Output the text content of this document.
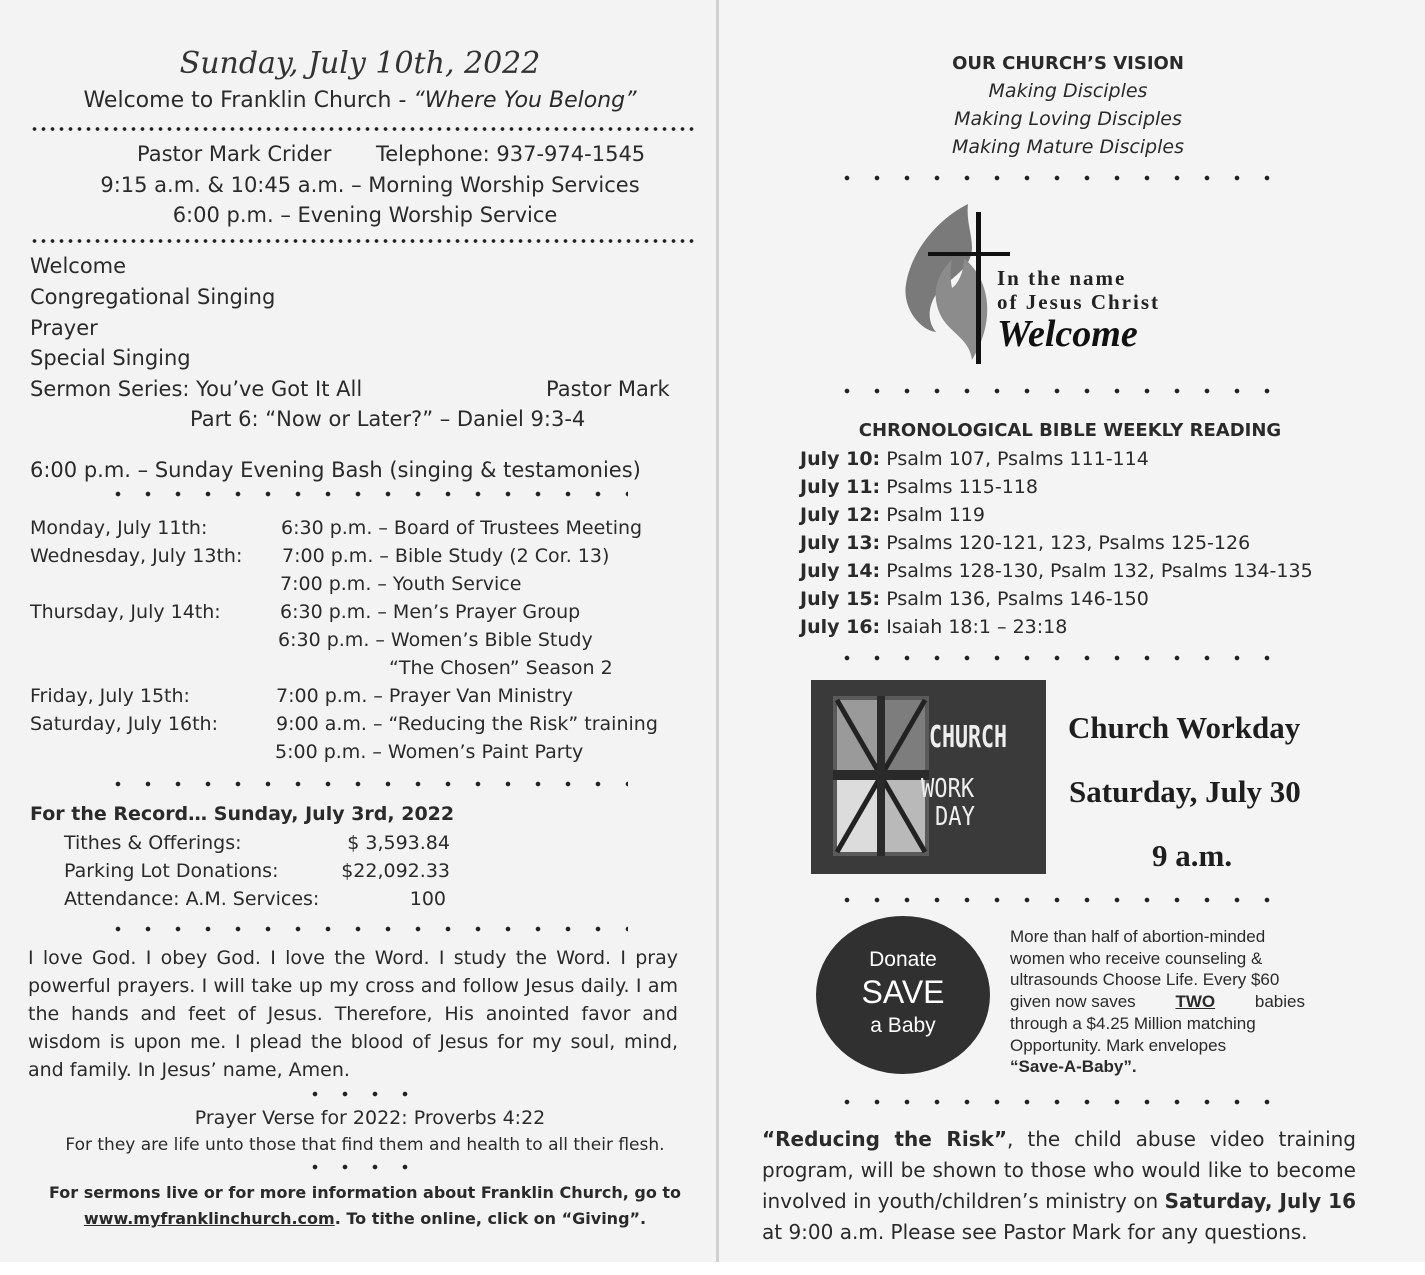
Sunday, July 10th, 2022
Welcome to Franklin Church - “Where You Belong”
Pastor Mark Crider Telephone: 937-974-1545
9:15 a.m. & 10:45 a.m. – Morning Worship Services
6:00 p.m. – Evening Worship Service
Welcome
Congregational Singing
Prayer
Special Singing
Sermon Series: You’ve Got It All	Pastor Mark
Part 6: “Now or Later?” – Daniel 9:3-4
6:00 p.m. – Sunday Evening Bash (singing & testamonies)
Monday, July 11th:	6:30 p.m. – Board of Trustees Meeting
Wednesday, July 13th: 7:00 p.m. – Bible Study (2 Cor. 13)
7:00 p.m. – Youth Service
Thursday, July 14th:	6:30 p.m. – Men’s Prayer Group
6:30 p.m. – Women’s Bible Study
“The Chosen” Season 2
Friday, July 15th:	7:00 p.m. – Prayer Van Ministry
Saturday, July 16th:	9:00 a.m. – “Reducing the Risk” training
5:00 p.m. – Women’s Paint Party
For the Record… Sunday, July 3rd, 2022
Tithes & Offerings:	$ 3,593.84
Parking Lot Donations:	$22,092.33
Attendance: A.M. Services:	100
I love God. I obey God. I love the Word. I study the Word. I pray powerful prayers. I will take up my cross and follow Jesus daily. I am the hands and feet of Jesus. Therefore, His anointed favor and wisdom is upon me. I plead the blood of Jesus for my soul, mind, and family. In Jesus’ name, Amen.
Prayer Verse for 2022: Proverbs 4:22
For they are life unto those that find them and health to all their flesh.
For sermons live or for more information about Franklin Church, go to
www.myfranklinchurch.com. To tithe online, click on “Giving”.
OUR CHURCH’S VISION
Making Disciples
Making Loving Disciples
Making Mature Disciples
In the name
of Jesus Christ
Welcome
CHRONOLOGICAL BIBLE WEEKLY READING
July 10: Psalm 107, Psalms 111-114
July 11: Psalms 115-118
July 12: Psalm 119
July 13: Psalms 120-121, 123, Psalms 125-126
July 14: Psalms 128-130, Psalm 132, Psalms 134-135
July 15: Psalm 136, Psalms 146-150
July 16: Isaiah 18:1 – 23:18
CHURCH
WORK
DAY
Church Workday
Saturday, July 30
9 a.m.
Donate
SAVE
a Baby
More than half of abortion-minded
women who receive counseling &
ultrasounds Choose Life. Every $60
given now saves TWO babies
through a $4.25 Million matching
Opportunity. Mark envelopes
“Save-A-Baby”.
“Reducing the Risk”, the child abuse video training program, will be shown to those who would like to become involved in youth/children’s ministry on Saturday, July 16 at 9:00 a.m. Please see Pastor Mark for any questions.
